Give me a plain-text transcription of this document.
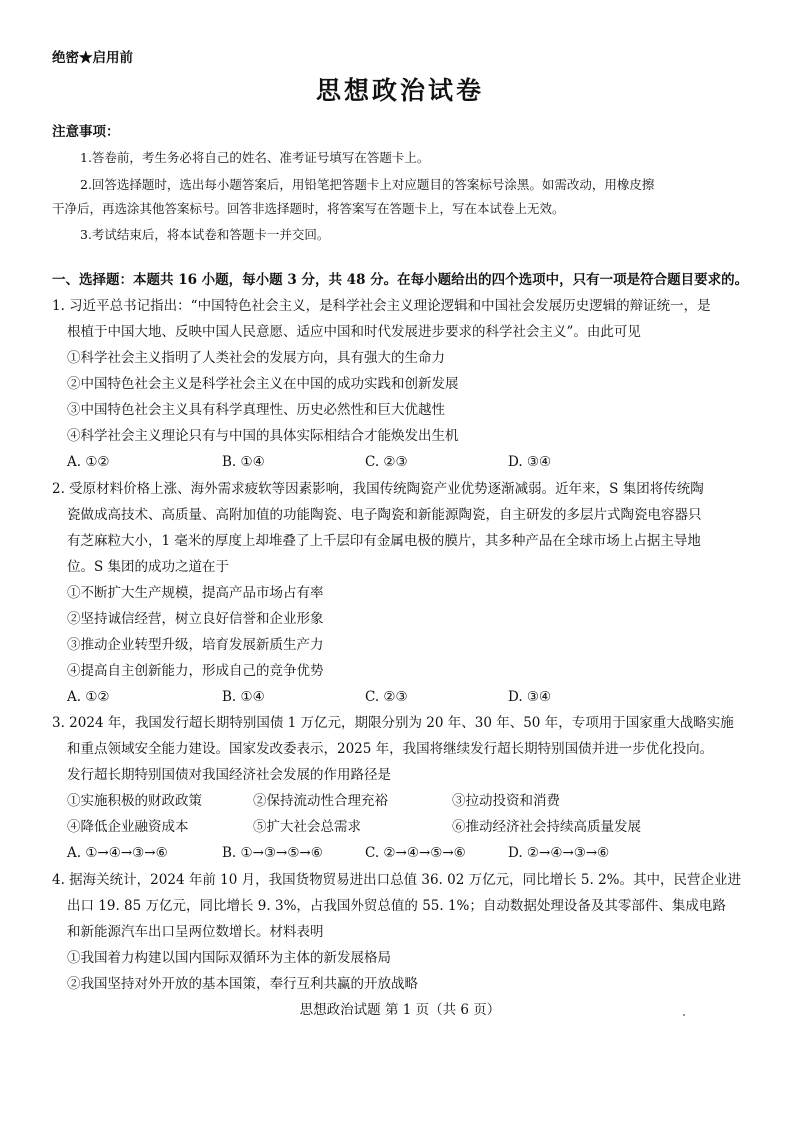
绝密★启用前
思想政治试卷
注意事项：
1.答卷前，考生务必将自己的姓名、准考证号填写在答题卡上。
2.回答选择题时，选出每小题答案后，用铅笔把答题卡上对应题目的答案标号涂黑。如需改动，用橡皮擦
干净后，再选涂其他答案标号。回答非选择题时，将答案写在答题卡上，写在本试卷上无效。
3.考试结束后，将本试卷和答题卡一并交回。
一、选择题：本题共 16 小题，每小题 3 分，共 48 分。在每小题给出的四个选项中，只有一项是符合题目要求的。
1. 习近平总书记指出：“中国特色社会主义，是科学社会主义理论逻辑和中国社会发展历史逻辑的辩证统一，是
根植于中国大地、反映中国人民意愿、适应中国和时代发展进步要求的科学社会主义”。由此可见
①科学社会主义指明了人类社会的发展方向，具有强大的生命力
②中国特色社会主义是科学社会主义在中国的成功实践和创新发展
③中国特色社会主义具有科学真理性、历史必然性和巨大优越性
④科学社会主义理论只有与中国的具体实际相结合才能焕发出生机
A. ①②	B. ①④	C. ②③	D. ③④
2. 受原材料价格上涨、海外需求疲软等因素影响，我国传统陶瓷产业优势逐渐减弱。近年来，S 集团将传统陶
瓷做成高技术、高质量、高附加值的功能陶瓷、电子陶瓷和新能源陶瓷，自主研发的多层片式陶瓷电容器只
有芝麻粒大小，1 毫米的厚度上却堆叠了上千层印有金属电极的膜片，其多种产品在全球市场上占据主导地
位。S 集团的成功之道在于
①不断扩大生产规模，提高产品市场占有率
②坚持诚信经营，树立良好信誉和企业形象
③推动企业转型升级，培育发展新质生产力
④提高自主创新能力，形成自己的竞争优势
A. ①②	B. ①④	C. ②③	D. ③④
3. 2024 年，我国发行超长期特别国债 1 万亿元，期限分别为 20 年、30 年、50 年，专项用于国家重大战略实施
和重点领域安全能力建设。国家发改委表示，2025 年，我国将继续发行超长期特别国债并进一步优化投向。
发行超长期特别国债对我国经济社会发展的作用路径是
①实施积极的财政政策	②保持流动性合理充裕	③拉动投资和消费
④降低企业融资成本	⑤扩大社会总需求	⑥推动经济社会持续高质量发展
A. ①→④→③→⑥	B. ①→③→⑤→⑥	C. ②→④→⑤→⑥	D. ②→④→③→⑥
4. 据海关统计，2024 年前 10 月，我国货物贸易进出口总值 36. 02 万亿元，同比增长 5. 2%。其中，民营企业进
出口 19. 85 万亿元，同比增长 9. 3%，占我国外贸总值的 55. 1%；自动数据处理设备及其零部件、集成电路
和新能源汽车出口呈两位数增长。材料表明
①我国着力构建以国内国际双循环为主体的新发展格局
②我国坚持对外开放的基本国策，奉行互利共赢的开放战略
思想政治试题 第 1 页（共 6 页）
